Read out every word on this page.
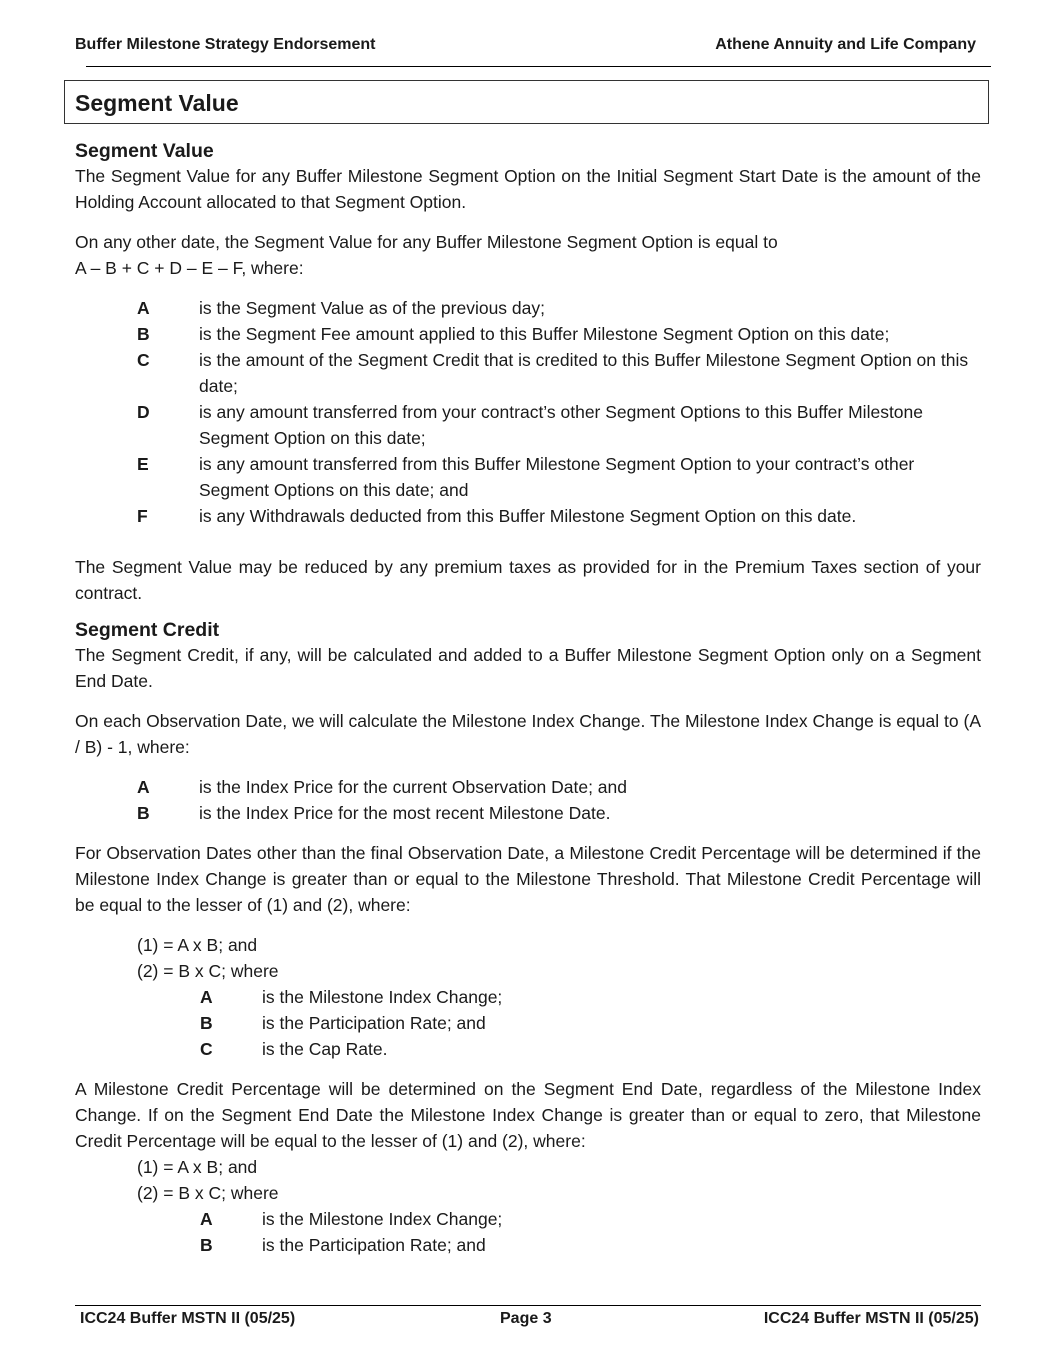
Buffer Milestone Strategy Endorsement	Athene Annuity and Life Company
Segment Value
Segment Value

The Segment Value for any Buffer Milestone Segment Option on the Initial Segment Start Date is the amount of the Holding Account allocated to that Segment Option.

On any other date, the Segment Value for any Buffer Milestone Segment Option is equal to
A – B + C + D – E – F, where:

A	is the Segment Value as of the previous day;
B	is the Segment Fee amount applied to this Buffer Milestone Segment Option on this date;
C	is the amount of the Segment Credit that is credited to this Buffer Milestone Segment Option on this date;
D	is any amount transferred from your contract’s other Segment Options to this Buffer Milestone Segment Option on this date;
E	is any amount transferred from this Buffer Milestone Segment Option to your contract’s other Segment Options on this date; and
F	is any Withdrawals deducted from this Buffer Milestone Segment Option on this date.

The Segment Value may be reduced by any premium taxes as provided for in the Premium Taxes section of your contract.

Segment Credit

The Segment Credit, if any, will be calculated and added to a Buffer Milestone Segment Option only on a Segment End Date.

On each Observation Date, we will calculate the Milestone Index Change. The Milestone Index Change is equal to (A / B) - 1, where:

A	is the Index Price for the current Observation Date; and
B	is the Index Price for the most recent Milestone Date.

For Observation Dates other than the final Observation Date, a Milestone Credit Percentage will be determined if the Milestone Index Change is greater than or equal to the Milestone Threshold. That Milestone Credit Percentage will be equal to the lesser of (1) and (2), where:

(1) = A x B; and
(2) = B x C; where
A	is the Milestone Index Change;
B	is the Participation Rate; and
C	is the Cap Rate.

A Milestone Credit Percentage will be determined on the Segment End Date, regardless of the Milestone Index Change. If on the Segment End Date the Milestone Index Change is greater than or equal to zero, that Milestone Credit Percentage will be equal to the lesser of (1) and (2), where:

(1) = A x B; and
(2) = B x C; where
A	is the Milestone Index Change;
B	is the Participation Rate; and
ICC24 Buffer MSTN II (05/25)	Page 3	ICC24 Buffer MSTN II (05/25)
